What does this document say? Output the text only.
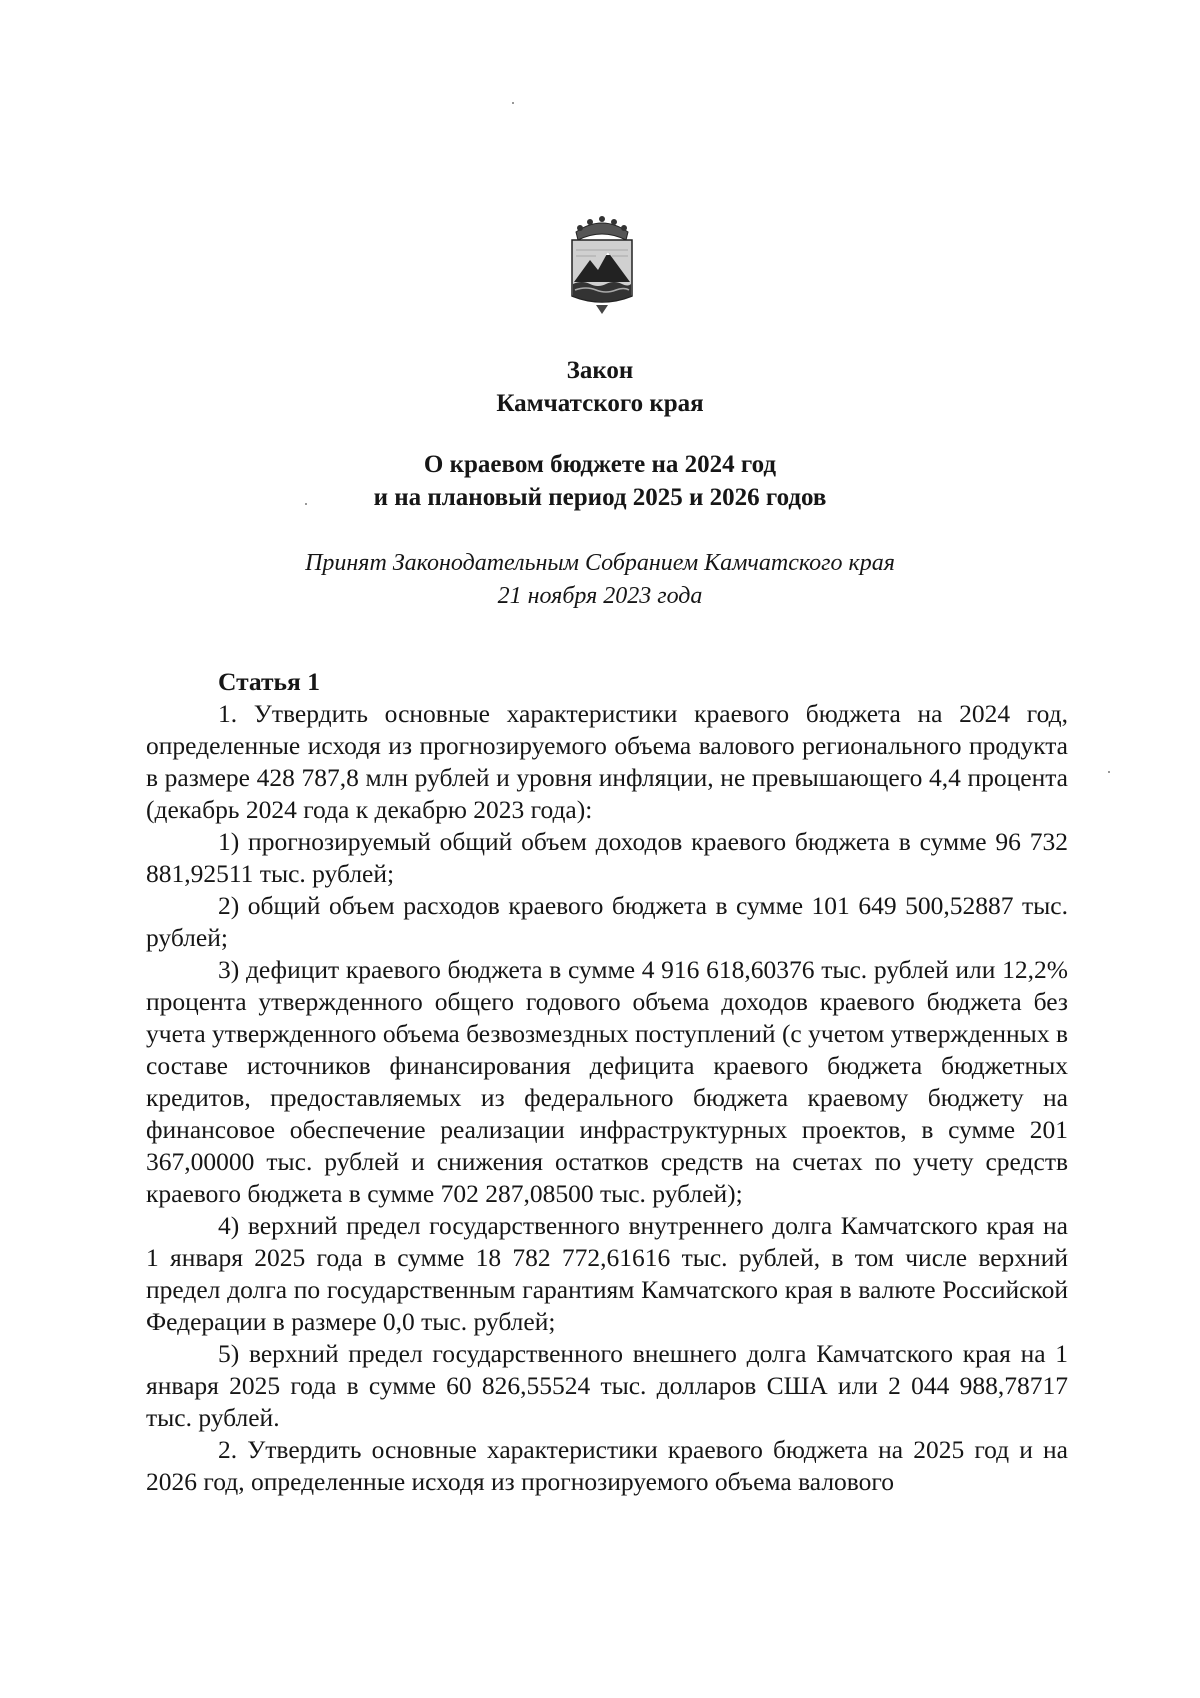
Закон
Камчатского края
О краевом бюджете на 2024 год
и на плановый период 2025 и 2026 годов
Принят Законодательным Собранием Камчатского края
21 ноября 2023 года

Статья 1

1. Утвердить основные характеристики краевого бюджета на 2024 год, определенные исходя из прогнозируемого объема валового регионального продукта в размере 428 787,8 млн рублей и уровня инфляции, не превышающего 4,4 процента (декабрь 2024 года к декабрю 2023 года):

1) прогнозируемый общий объем доходов краевого бюджета в сумме 96 732 881,92511 тыс. рублей;

2) общий объем расходов краевого бюджета в сумме 101 649 500,52887 тыс. рублей;

3) дефицит краевого бюджета в сумме 4 916 618,60376 тыс. рублей или 12,2% процента утвержденного общего годового объема доходов краевого бюджета без учета утвержденного объема безвозмездных поступлений (с учетом утвержденных в составе источников финансирования дефицита краевого бюджета бюджетных кредитов, предоставляемых из федерального бюджета краевому бюджету на финансовое обеспечение реализации инфраструктурных проектов, в сумме 201 367,00000 тыс. рублей и снижения остатков средств на счетах по учету средств краевого бюджета в сумме 702 287,08500 тыс. рублей);

4) верхний предел государственного внутреннего долга Камчатского края на 1 января 2025 года в сумме 18 782 772,61616 тыс. рублей, в том числе верхний предел долга по государственным гарантиям Камчатского края в валюте Российской Федерации в размере 0,0 тыс. рублей;

5) верхний предел государственного внешнего долга Камчатского края на 1 января 2025 года в сумме 60 826,55524 тыс. долларов США или 2 044 988,78717 тыс. рублей.

2. Утвердить основные характеристики краевого бюджета на 2025 год и на 2026 год, определенные исходя из прогнозируемого объема валового
